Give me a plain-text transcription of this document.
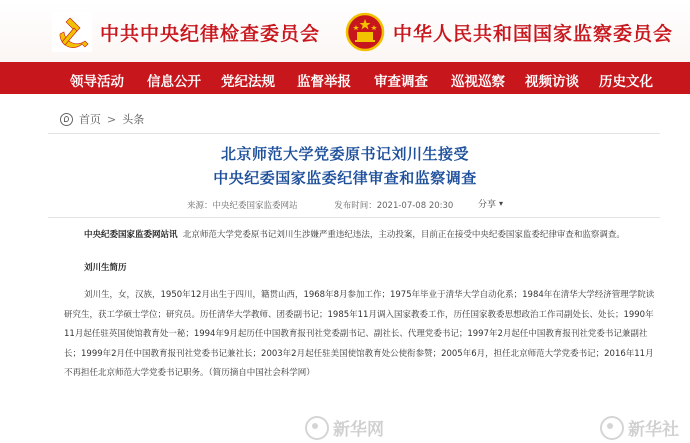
中共中央纪律检查委员会	中华人民共和国国家监察委员会
领导活动 信息公开 党纪法规 监督举报 审查调查 巡视巡察 视频访谈 历史文化
首页 > 头条
北京师范大学党委原书记刘川生接受
中央纪委国家监委纪律审查和监察调查
来源：中央纪委国家监委网站	发布时间：2021-07-08 20:30	分享 ▾

中央纪委国家监委网站讯 北京师范大学党委原书记刘川生涉嫌严重违纪违法，主动投案，目前正在接受中央纪委国家监委纪律审查和监察调查。

刘川生简历

刘川生，女，汉族，1950年12月出生于四川，籍贯山西，1968年8月参加工作；1975年毕业于清华大学自动化系；1984年在清华大学经济管理学院读研究生，获工学硕士学位；研究员。历任清华大学教师、团委副书记；1985年11月调入国家教委工作，历任国家教委思想政治工作司副处长、处长；1990年11月起任驻英国使馆教育处一秘；1994年9月起历任中国教育报刊社党委副书记、副社长、代理党委书记；1997年2月起任中国教育报刊社党委书记兼副社长；1999年2月任中国教育报刊社党委书记兼社长；2003年2月起任驻美国使馆教育处公使衔参赞；2005年6月，担任北京师范大学党委书记；2016年11月不再担任北京师范大学党委书记职务。（简历摘自中国社会科学网）

新华网	新华社
